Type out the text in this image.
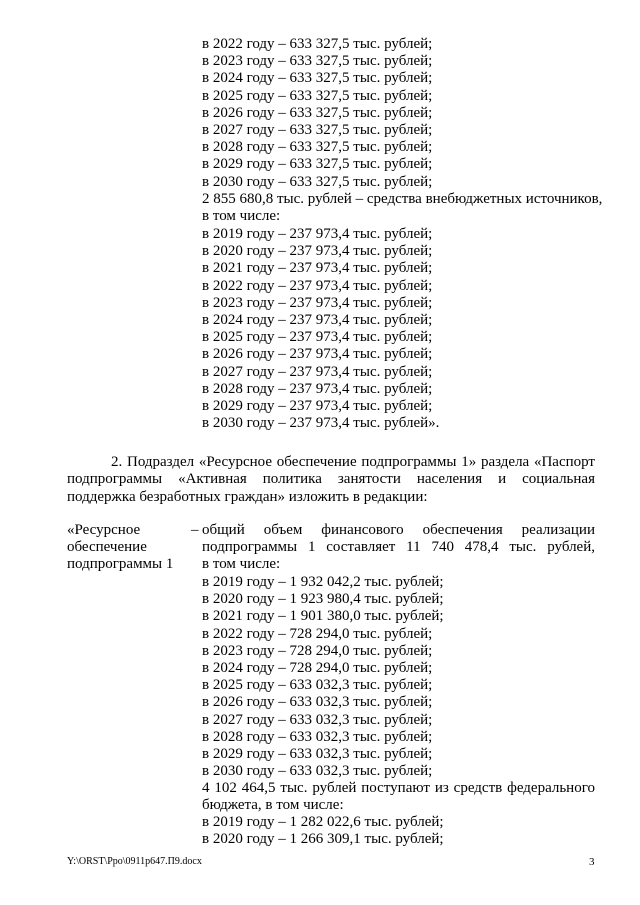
в 2022 году – 633 327,5 тыс. рублей;
в 2023 году – 633 327,5 тыс. рублей;
в 2024 году – 633 327,5 тыс. рублей;
в 2025 году – 633 327,5 тыс. рублей;
в 2026 году – 633 327,5 тыс. рублей;
в 2027 году – 633 327,5 тыс. рублей;
в 2028 году – 633 327,5 тыс. рублей;
в 2029 году – 633 327,5 тыс. рублей;
в 2030 году – 633 327,5 тыс. рублей;
2 855 680,8 тыс. рублей – средства внебюджетных источников,
в том числе:
в 2019 году – 237 973,4 тыс. рублей;
в 2020 году – 237 973,4 тыс. рублей;
в 2021 году – 237 973,4 тыс. рублей;
в 2022 году – 237 973,4 тыс. рублей;
в 2023 году – 237 973,4 тыс. рублей;
в 2024 году – 237 973,4 тыс. рублей;
в 2025 году – 237 973,4 тыс. рублей;
в 2026 году – 237 973,4 тыс. рублей;
в 2027 году – 237 973,4 тыс. рублей;
в 2028 году – 237 973,4 тыс. рублей;
в 2029 году – 237 973,4 тыс. рублей;
в 2030 году – 237 973,4 тыс. рублей».
2. Подраздел «Ресурсное обеспечение подпрограммы 1» раздела «Паспорт
подпрограммы «Активная политика занятости населения и социальная
поддержка безработных граждан» изложить в редакции:
«Ресурсное
обеспечение
подпрограммы 1
– общий объем финансового обеспечения реализации
подпрограммы 1 составляет 11 740 478,4 тыс. рублей,
в том числе:
в 2019 году – 1 932 042,2 тыс. рублей;
в 2020 году – 1 923 980,4 тыс. рублей;
в 2021 году – 1 901 380,0 тыс. рублей;
в 2022 году – 728 294,0 тыс. рублей;
в 2023 году – 728 294,0 тыс. рублей;
в 2024 году – 728 294,0 тыс. рублей;
в 2025 году – 633 032,3 тыс. рублей;
в 2026 году – 633 032,3 тыс. рублей;
в 2027 году – 633 032,3 тыс. рублей;
в 2028 году – 633 032,3 тыс. рублей;
в 2029 году – 633 032,3 тыс. рублей;
в 2030 году – 633 032,3 тыс. рублей;
4 102 464,5 тыс. рублей поступают из средств федерального
бюджета, в том числе:
в 2019 году – 1 282 022,6 тыс. рублей;
в 2020 году – 1 266 309,1 тыс. рублей;
Y:\ORST\Ppo\0911p647.П9.docx	3
